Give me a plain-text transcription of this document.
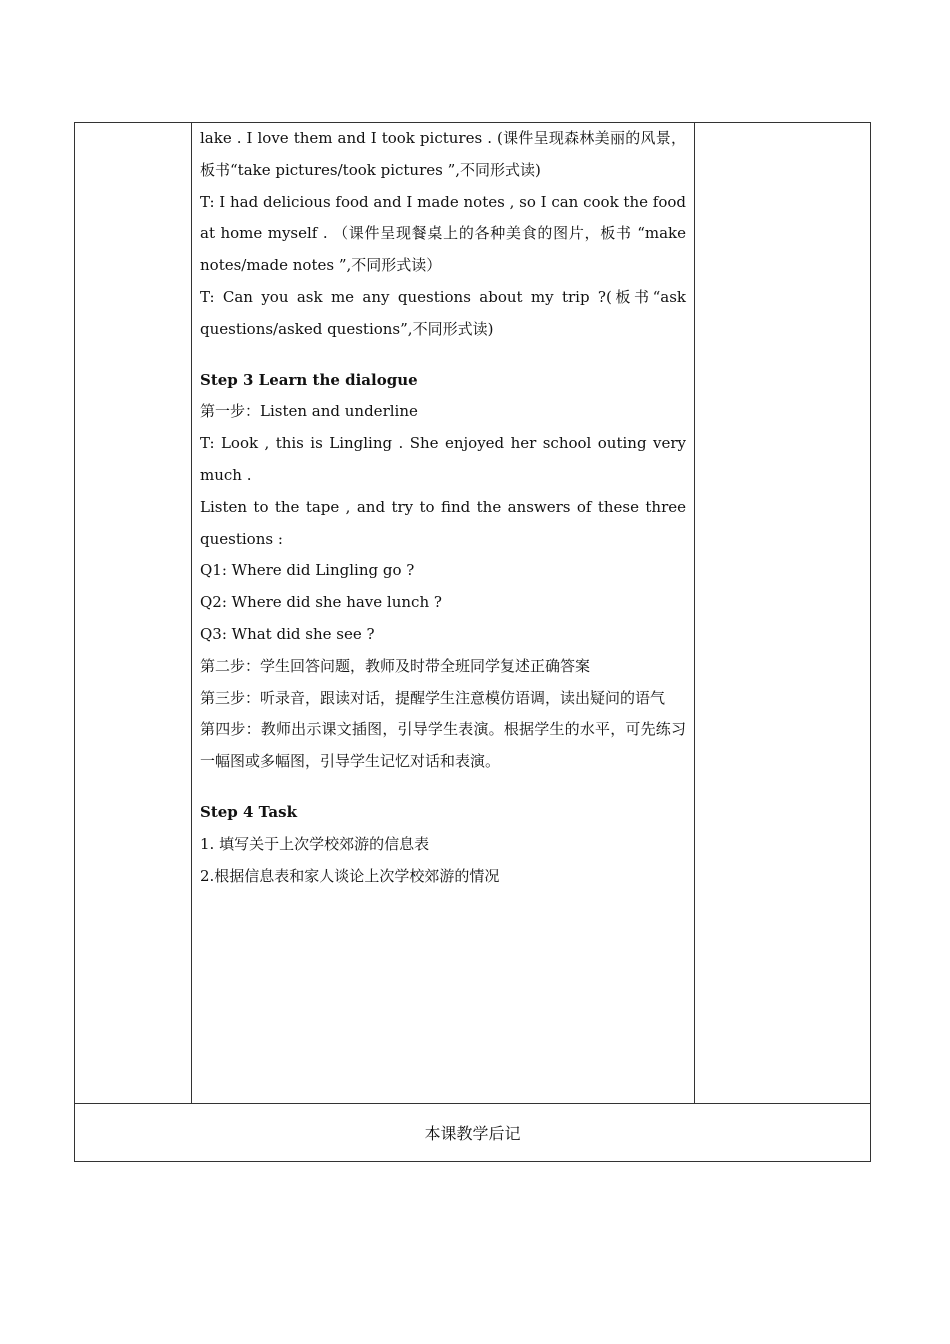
lake . I love them and I took pictures . (课件呈现森林美丽的风景，板书“take pictures/took pictures ”,不同形式读)

T: I had delicious food and I made notes , so I can cook the food at home myself . （课件呈现餐桌上的各种美食的图片，板书 “make notes/made notes ”,不同形式读）

T: Can you ask me any questions about my trip ?(板书“ask questions/asked questions”,不同形式读)

Step 3 Learn the dialogue

第一步：Listen and underline

T: Look , this is Lingling . She enjoyed her school outing very much .

Listen to the tape , and try to find the answers of these three questions :

Q1: Where did Lingling go ?

Q2: Where did she have lunch ?

Q3: What did she see ?

第二步：学生回答问题，教师及时带全班同学复述正确答案

第三步：听录音，跟读对话，提醒学生注意模仿语调，读出疑问的语气

第四步：教师出示课文插图，引导学生表演。根据学生的水平，可先练习一幅图或多幅图，引导学生记忆对话和表演。

Step 4 Task

1. 填写关于上次学校郊游的信息表

2.根据信息表和家人谈论上次学校郊游的情况

本课教学后记
